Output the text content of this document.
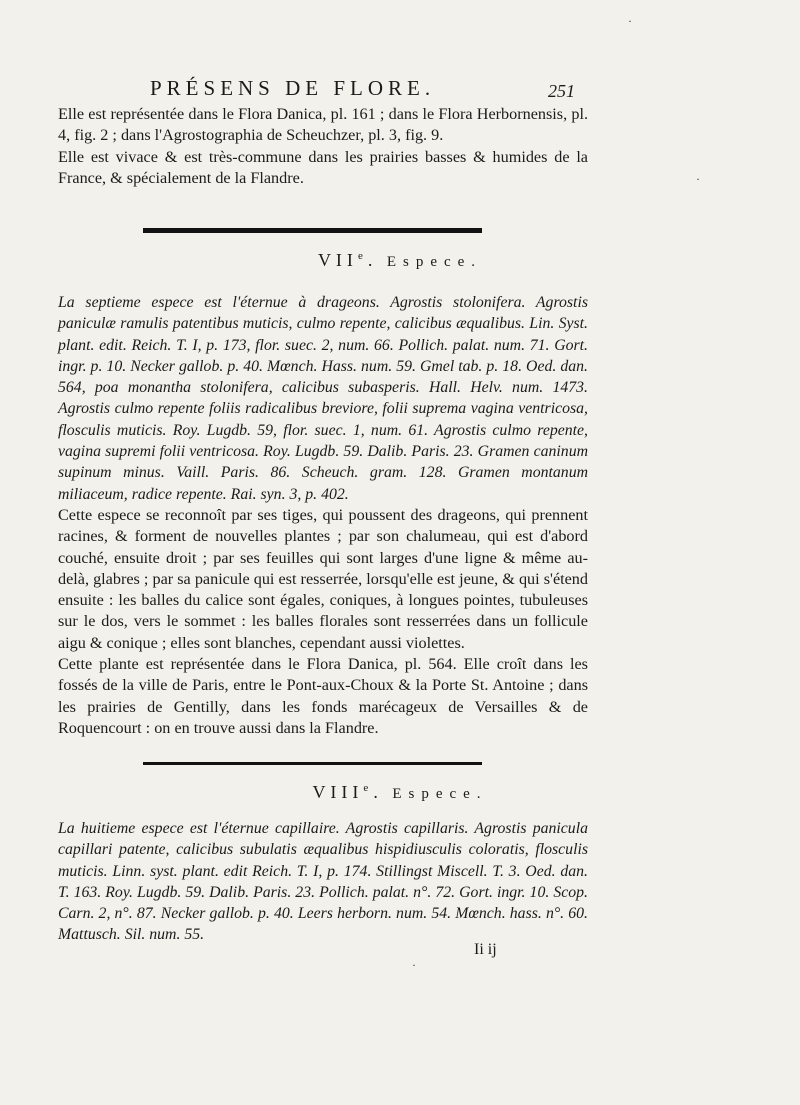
PRÉSENS DE FLORE.	251

Elle est représentée dans le Flora Danica, pl. 161 ; dans le Flora Herbornensis, pl. 4, fig. 2 ; dans l'Agrostographia de Scheuchzer, pl. 3, fig. 9.

Elle est vivace & est très-commune dans les prairies basses & humides de la France, & spécialement de la Flandre.

VIIe. Espece.

La septieme espece est l'éternue à drageons. Agrostis stolonifera. Agrostis paniculæ ramulis patentibus muticis, culmo repente, calicibus æqualibus. Lin. Syst. plant. edit. Reich. T. I, p. 173, flor. suec. 2, num. 66. Pollich. palat. num. 71. Gort. ingr. p. 10. Necker gallob. p. 40. Mœnch. Hass. num. 59. Gmel tab. p. 18. Oed. dan. 564, poa monantha stolonifera, calicibus subasperis. Hall. Helv. num. 1473. Agrostis culmo repente foliis radicalibus breviore, folii suprema vagina ventricosa, flosculis muticis. Roy. Lugdb. 59, flor. suec. 1, num. 61. Agrostis culmo repente, vagina supremi folii ventricosa. Roy. Lugdb. 59. Dalib. Paris. 23. Gramen caninum supinum minus. Vaill. Paris. 86. Scheuch. gram. 128. Gramen montanum miliaceum, radice repente. Rai. syn. 3, p. 402.

Cette espece se reconnoît par ses tiges, qui poussent des drageons, qui prennent racines, & forment de nouvelles plantes ; par son chalumeau, qui est d'abord couché, ensuite droit ; par ses feuilles qui sont larges d'une ligne & même au-delà, glabres ; par sa panicule qui est resserrée, lorsqu'elle est jeune, & qui s'étend ensuite : les balles du calice sont égales, coniques, à longues pointes, tubuleuses sur le dos, vers le sommet : les balles florales sont resserrées dans un follicule aigu & conique ; elles sont blanches, cependant aussi violettes.

Cette plante est représentée dans le Flora Danica, pl. 564. Elle croît dans les fossés de la ville de Paris, entre le Pont-aux-Choux & la Porte St. Antoine ; dans les prairies de Gentilly, dans les fonds marécageux de Versailles & de Roquencourt : on en trouve aussi dans la Flandre.

VIIIe. Espece.

La huitieme espece est l'éternue capillaire. Agrostis capillaris. Agrostis panicula capillari patente, calicibus subulatis æqualibus hispidiusculis coloratis, flosculis muticis. Linn. syst. plant. edit Reich. T. I, p. 174. Stillingst Miscell. T. 3. Oed. dan. T. 163. Roy. Lugdb. 59. Dalib. Paris. 23. Pollich. palat. n°. 72. Gort. ingr. 10. Scop. Carn. 2, n°. 87. Necker gallob. p. 40. Leers herborn. num. 54. Mœnch. hass. n°. 60. Mattusch. Sil. num. 55.

Ii ij
·
·
·
